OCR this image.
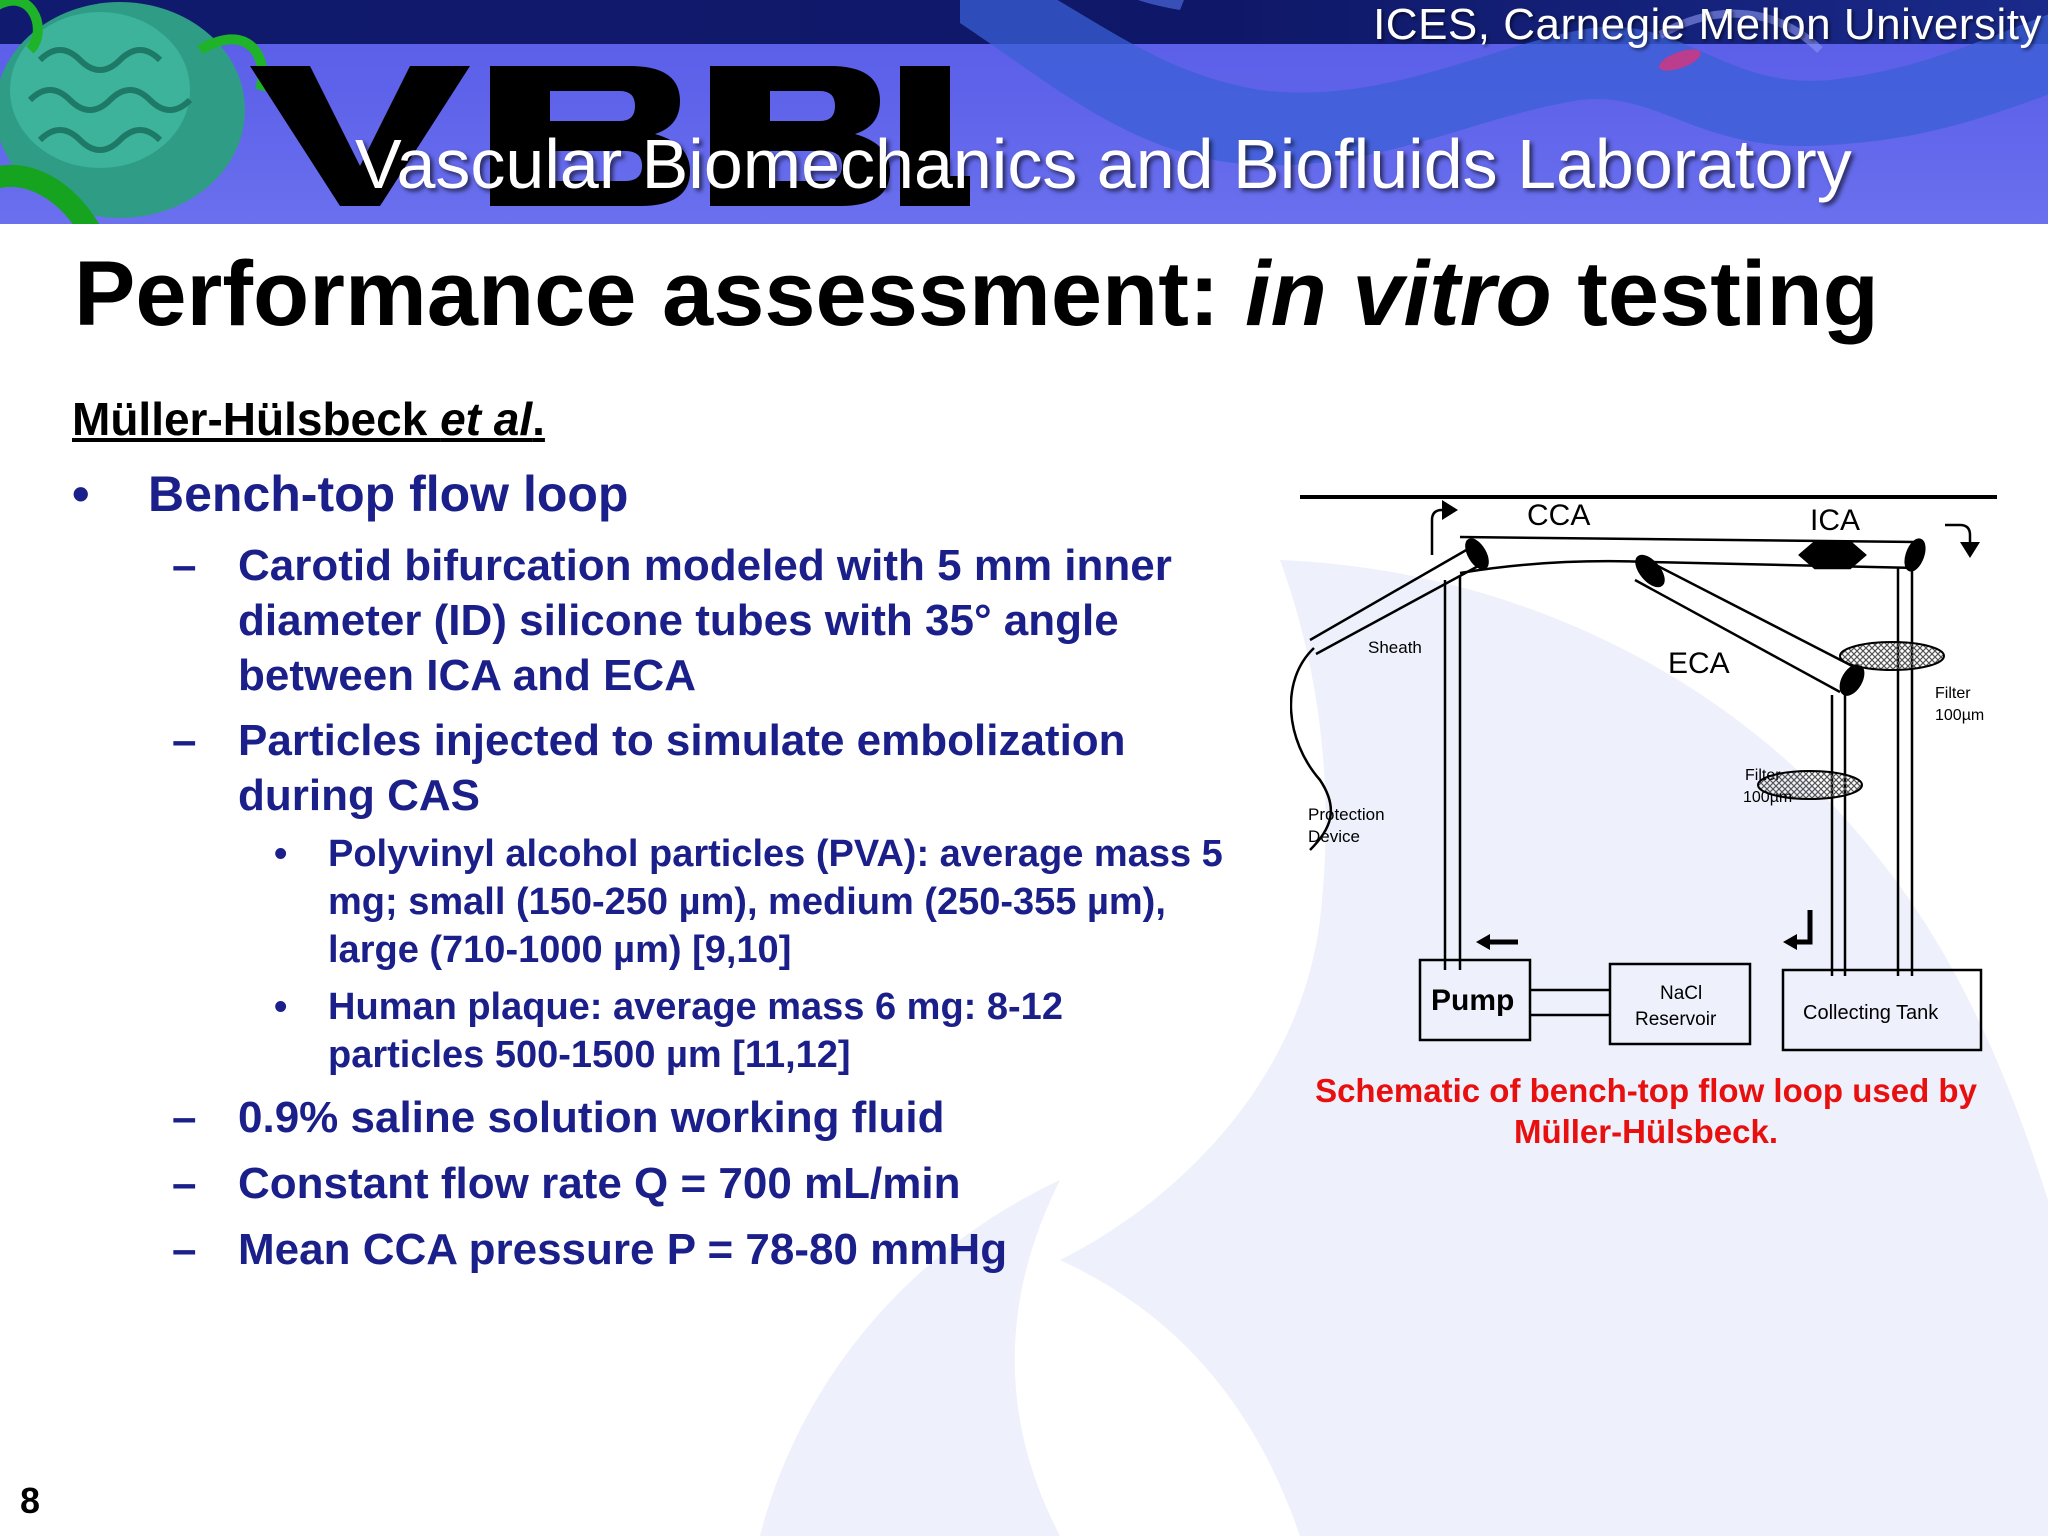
ICES, Carnegie Mellon University
Vascular Biomechanics and Biofluids Laboratory
Performance assessment: in vitro testing
Müller-Hülsbeck et al.
• Bench-top flow loop
– Carotid bifurcation modeled with 5 mm inner diameter (ID) silicone tubes with 35° angle between ICA and ECA
– Particles injected to simulate embolization during CAS
• Polyvinyl alcohol particles (PVA): average mass 5 mg; small (150-250 µm), medium (250-355 µm), large (710-1000 µm) [9,10]
• Human plaque: average mass 6 mg: 8-12 particles 500-1500 µm [11,12]
– 0.9% saline solution working fluid
– Constant flow rate Q = 700 mL/min
– Mean CCA pressure P = 78-80 mmHg
CCA	ICA
ECA
Sheath
Filter
100µm
Filter
100µm
Protection
Device
Pump	NaCl
Reservoir	Collecting Tank
Schematic of bench-top flow loop used by Müller-Hülsbeck.
8
